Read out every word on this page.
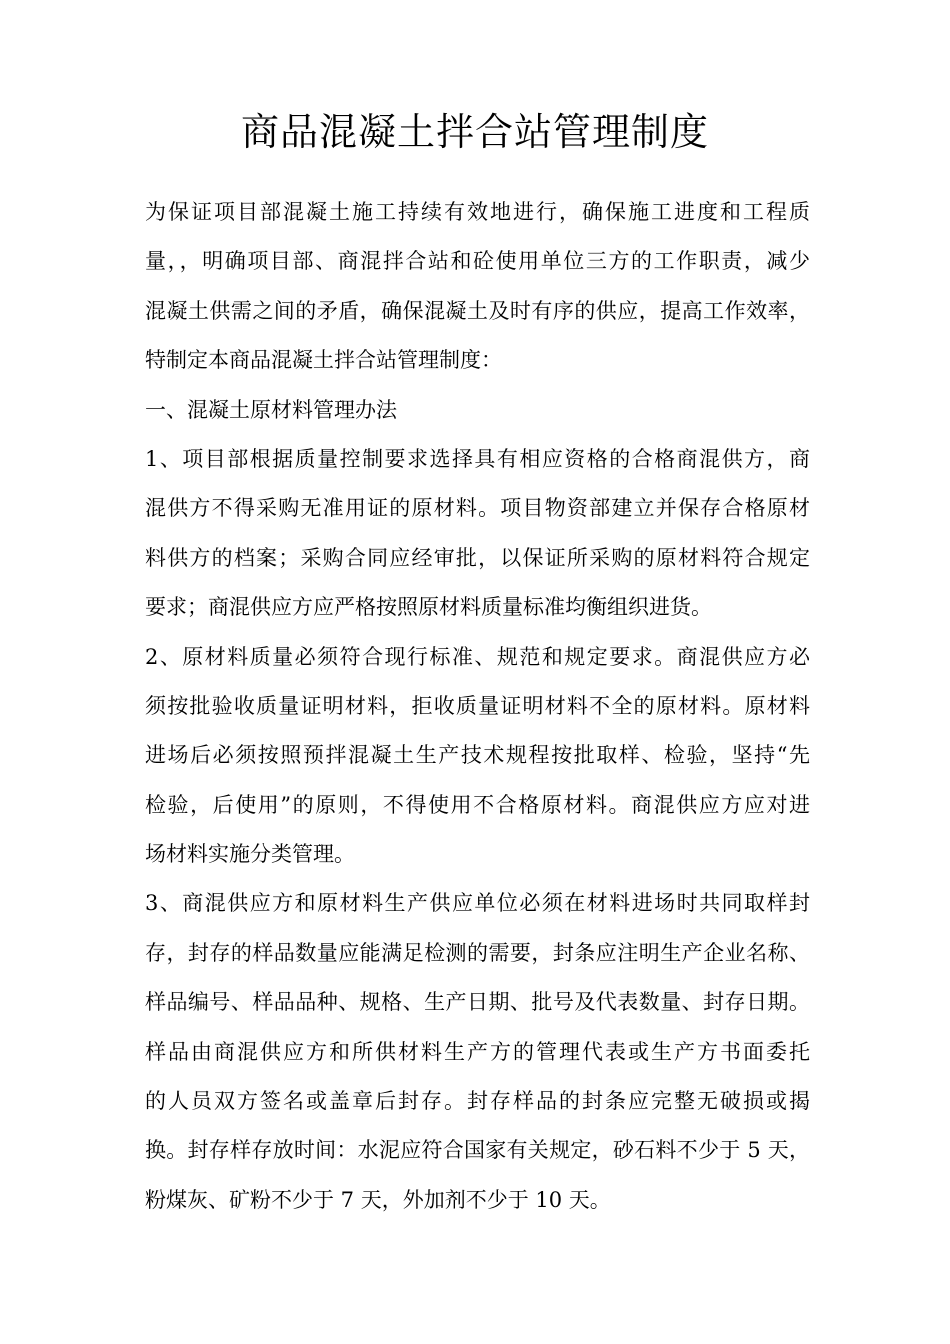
商品混凝土拌合站管理制度
为保证项目部混凝土施工持续有效地进行，确保施工进度和工程质
量，，明确项目部、商混拌合站和砼使用单位三方的工作职责，减少
混凝土供需之间的矛盾，确保混凝土及时有序的供应，提高工作效率，
特制定本商品混凝土拌合站管理制度：
一、混凝土原材料管理办法
1、项目部根据质量控制要求选择具有相应资格的合格商混供方，商
混供方不得采购无准用证的原材料。项目物资部建立并保存合格原材
料供方的档案；采购合同应经审批，以保证所采购的原材料符合规定
要求；商混供应方应严格按照原材料质量标准均衡组织进货。
2、原材料质量必须符合现行标准、规范和规定要求。商混供应方必
须按批验收质量证明材料，拒收质量证明材料不全的原材料。原材料
进场后必须按照预拌混凝土生产技术规程按批取样、检验，坚持“先
检验，后使用”的原则，不得使用不合格原材料。商混供应方应对进
场材料实施分类管理。
3、商混供应方和原材料生产供应单位必须在材料进场时共同取样封
存，封存的样品数量应能满足检测的需要，封条应注明生产企业名称、
样品编号、样品品种、规格、生产日期、批号及代表数量、封存日期。
样品由商混供应方和所供材料生产方的管理代表或生产方书面委托
的人员双方签名或盖章后封存。封存样品的封条应完整无破损或揭
换。封存样存放时间：水泥应符合国家有关规定，砂石料不少于 5 天，
粉煤灰、矿粉不少于 7 天，外加剂不少于 10 天。
